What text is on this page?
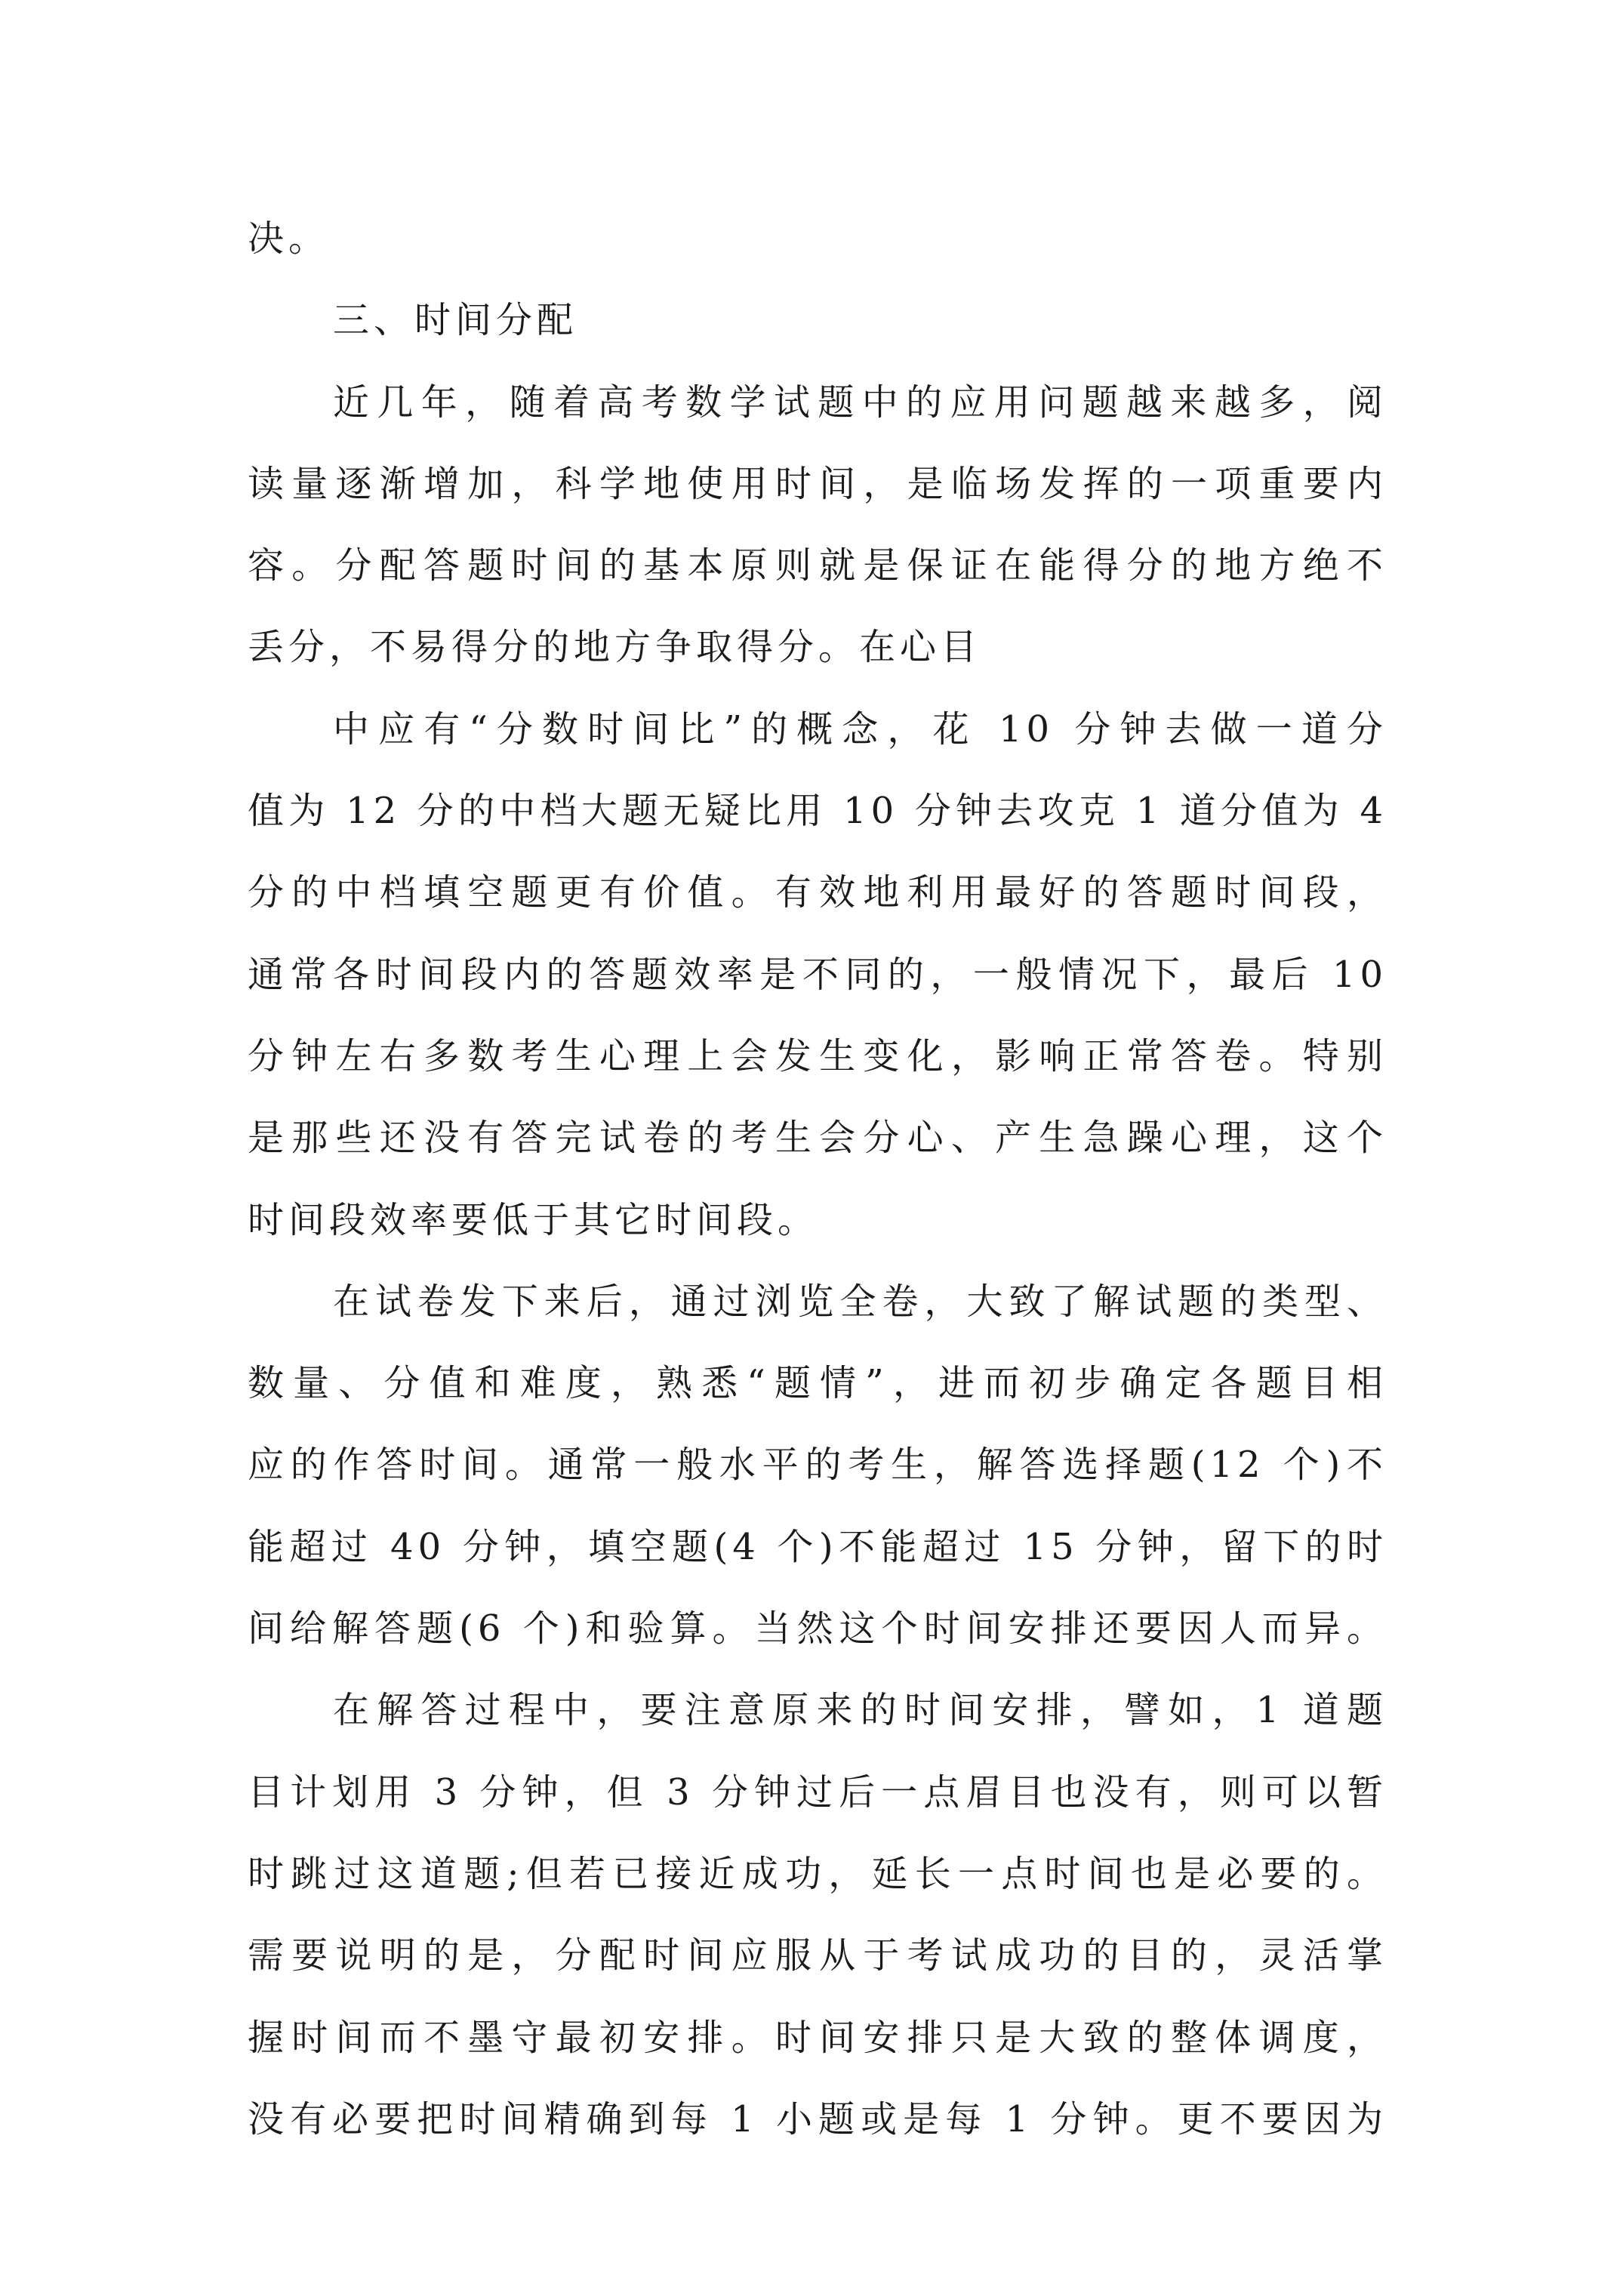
决。
三、时间分配
近几年，随着高考数学试题中的应用问题越来越多，阅
读量逐渐增加，科学地使用时间，是临场发挥的一项重要内
容。分配答题时间的基本原则就是保证在能得分的地方绝不
丢分，不易得分的地方争取得分。在心目
中应有“分数时间比”的概念，花 10 分钟去做一道分
值为 12 分的中档大题无疑比用 10 分钟去攻克 1 道分值为 4
分的中档填空题更有价值。有效地利用最好的答题时间段，
通常各时间段内的答题效率是不同的，一般情况下，最后 10
分钟左右多数考生心理上会发生变化，影响正常答卷。特别
是那些还没有答完试卷的考生会分心、产生急躁心理，这个
时间段效率要低于其它时间段。
在试卷发下来后，通过浏览全卷，大致了解试题的类型、
数量、分值和难度，熟悉“题情”，进而初步确定各题目相
应的作答时间。通常一般水平的考生，解答选择题(12 个)不
能超过 40 分钟，填空题(4 个)不能超过 15 分钟，留下的时
间给解答题(6 个)和验算。当然这个时间安排还要因人而异。
在解答过程中，要注意原来的时间安排，譬如，1 道题
目计划用 3 分钟，但 3 分钟过后一点眉目也没有，则可以暂
时跳过这道题;但若已接近成功，延长一点时间也是必要的。
需要说明的是，分配时间应服从于考试成功的目的，灵活掌
握时间而不墨守最初安排。时间安排只是大致的整体调度，
没有必要把时间精确到每 1 小题或是每 1 分钟。更不要因为
